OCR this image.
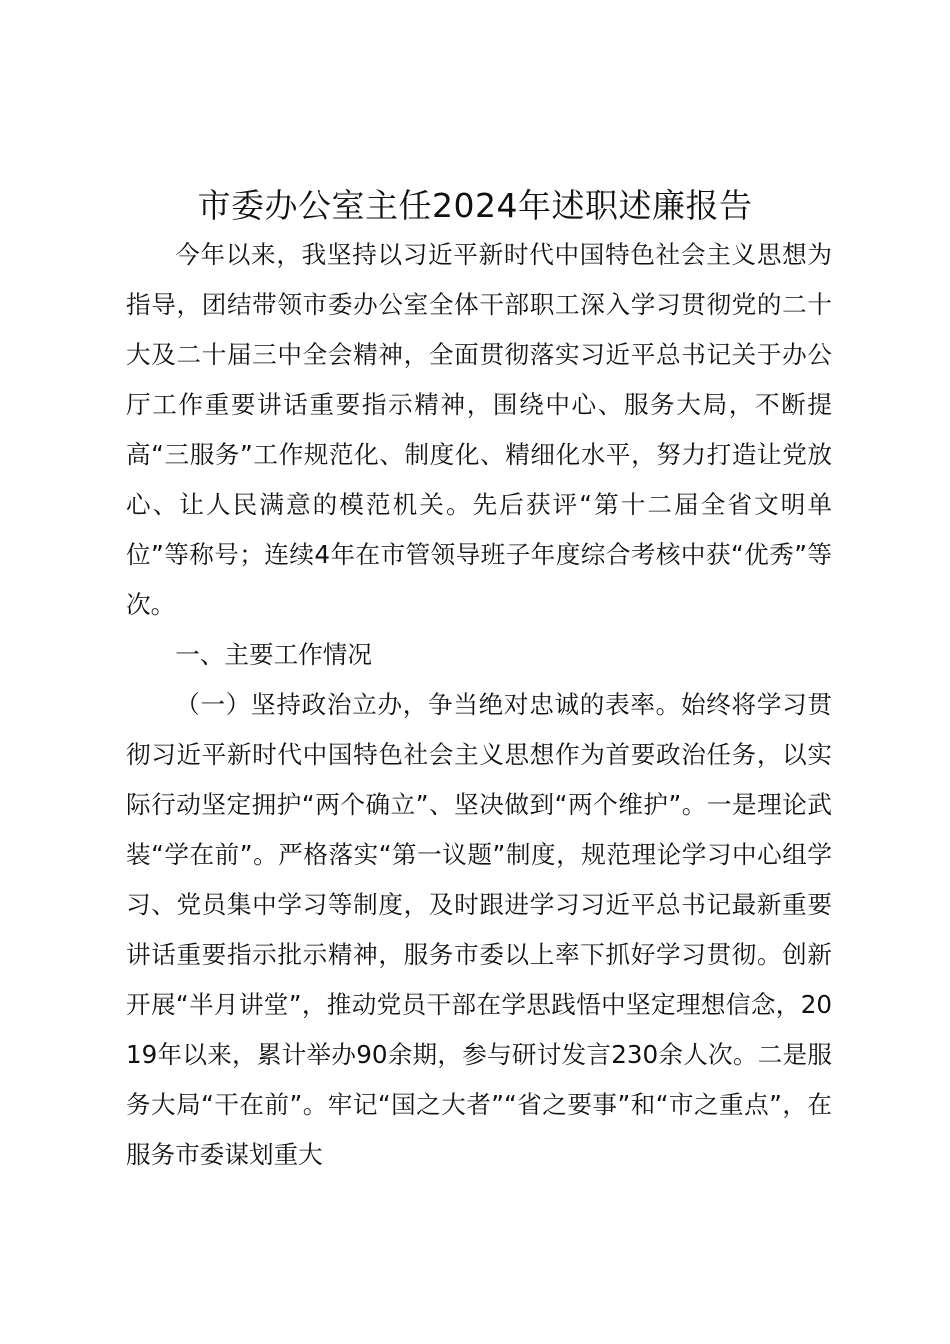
市委办公室主任2024年述职述廉报告

今年以来，我坚持以习近平新时代中国特色社会主义思想为指导，团结带领市委办公室全体干部职工深入学习贯彻党的二十大及二十届三中全会精神，全面贯彻落实习近平总书记关于办公厅工作重要讲话重要指示精神，围绕中心、服务大局，不断提高“三服务”工作规范化、制度化、精细化水平，努力打造让党放心、让人民满意的模范机关。先后获评“第十二届全省文明单位”等称号；连续4年在市管领导班子年度综合考核中获“优秀”等次。

一、主要工作情况

（一）坚持政治立办，争当绝对忠诚的表率。始终将学习贯彻习近平新时代中国特色社会主义思想作为首要政治任务，以实际行动坚定拥护“两个确立”、坚决做到“两个维护”。一是理论武装“学在前”。严格落实“第一议题”制度，规范理论学习中心组学习、党员集中学习等制度，及时跟进学习习近平总书记最新重要讲话重要指示批示精神，服务市委以上率下抓好学习贯彻。创新开展“半月讲堂”，推动党员干部在学思践悟中坚定理想信念，2019年以来，累计举办90余期，参与研讨发言230余人次。二是服务大局“干在前”。牢记“国之大者”“省之要事”和“市之重点”，在服务市委谋划重大
